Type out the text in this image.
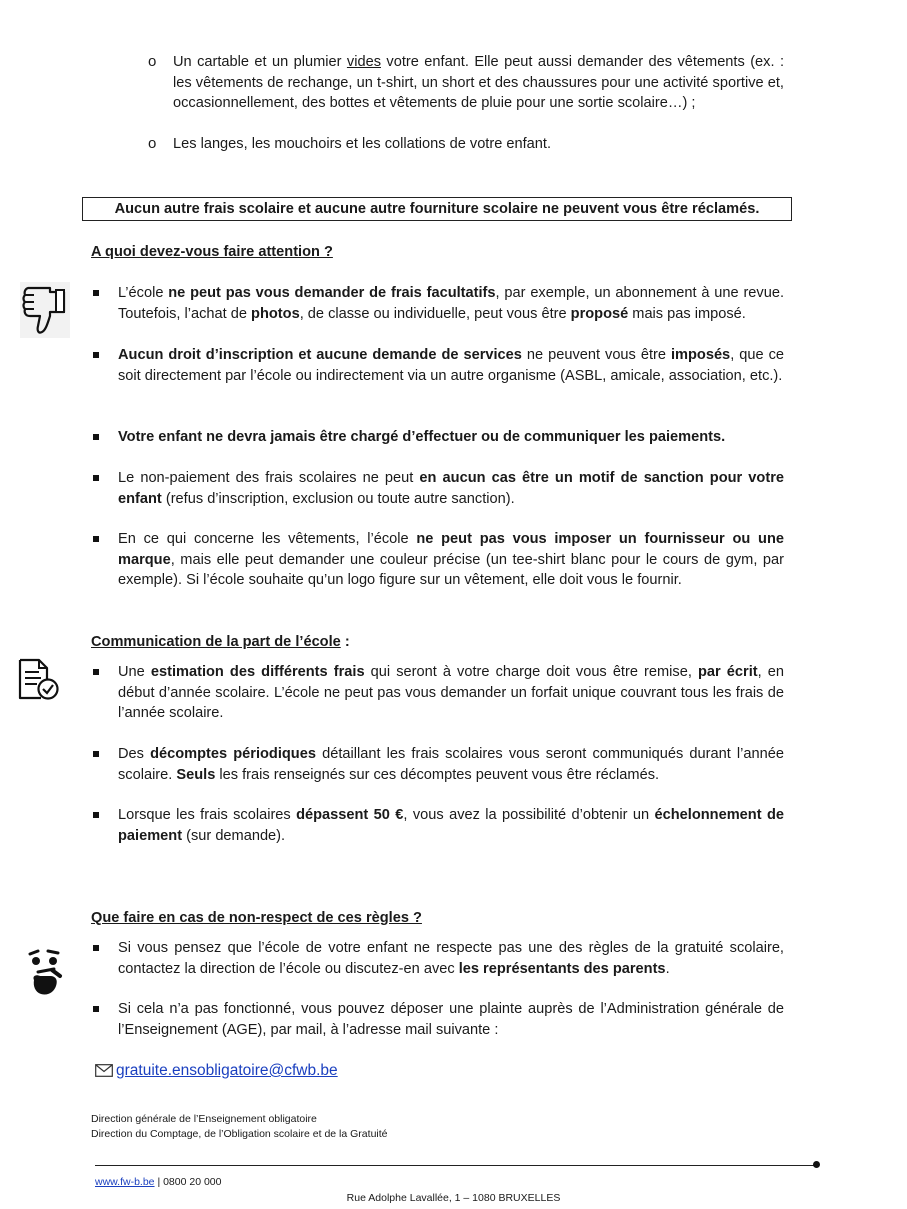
o Un cartable et un plumier vides votre enfant. Elle peut aussi demander des vêtements (ex. : les vêtements de rechange, un t-shirt, un short et des chaussures pour une activité sportive et, occasionnellement, des bottes et vêtements de pluie pour une sortie scolaire…) ;
o Les langes, les mouchoirs et les collations de votre enfant.
Aucun autre frais scolaire et aucune autre fourniture scolaire ne peuvent vous être réclamés.
A quoi devez-vous faire attention ?
L’école ne peut pas vous demander de frais facultatifs, par exemple, un abonnement à une revue. Toutefois, l’achat de photos, de classe ou individuelle, peut vous être proposé mais pas imposé.
Aucun droit d’inscription et aucune demande de services ne peuvent vous être imposés, que ce soit directement par l’école ou indirectement via un autre organisme (ASBL, amicale, association, etc.).
Votre enfant ne devra jamais être chargé d’effectuer ou de communiquer les paiements.
Le non-paiement des frais scolaires ne peut en aucun cas être un motif de sanction pour votre enfant (refus d’inscription, exclusion ou toute autre sanction).
En ce qui concerne les vêtements, l’école ne peut pas vous imposer un fournisseur ou une marque, mais elle peut demander une couleur précise (un tee-shirt blanc pour le cours de gym, par exemple). Si l’école souhaite qu’un logo figure sur un vêtement, elle doit vous le fournir.
Communication de la part de l’école :
Une estimation des différents frais qui seront à votre charge doit vous être remise, par écrit, en début d’année scolaire. L’école ne peut pas vous demander un forfait unique couvrant tous les frais de l’année scolaire.
Des décomptes périodiques détaillant les frais scolaires vous seront communiqués durant l’année scolaire. Seuls les frais renseignés sur ces décomptes peuvent vous être réclamés.
Lorsque les frais scolaires dépassent 50 €, vous avez la possibilité d’obtenir un échelonnement de paiement (sur demande).
Que faire en cas de non-respect de ces règles ?
Si vous pensez que l’école de votre enfant ne respecte pas une des règles de la gratuité scolaire, contactez la direction de l’école ou discutez-en avec les représentants des parents.
Si cela n’a pas fonctionné, vous pouvez déposer une plainte auprès de l’Administration générale de l’Enseignement (AGE), par mail, à l’adresse mail suivante :
gratuite.ensobligatoire@cfwb.be
Direction générale de l’Enseignement obligatoire
Direction du Comptage, de l’Obligation scolaire et de la Gratuité
www.fw-b.be | 0800 20 000
Rue Adolphe Lavallée, 1 – 1080 BRUXELLES
